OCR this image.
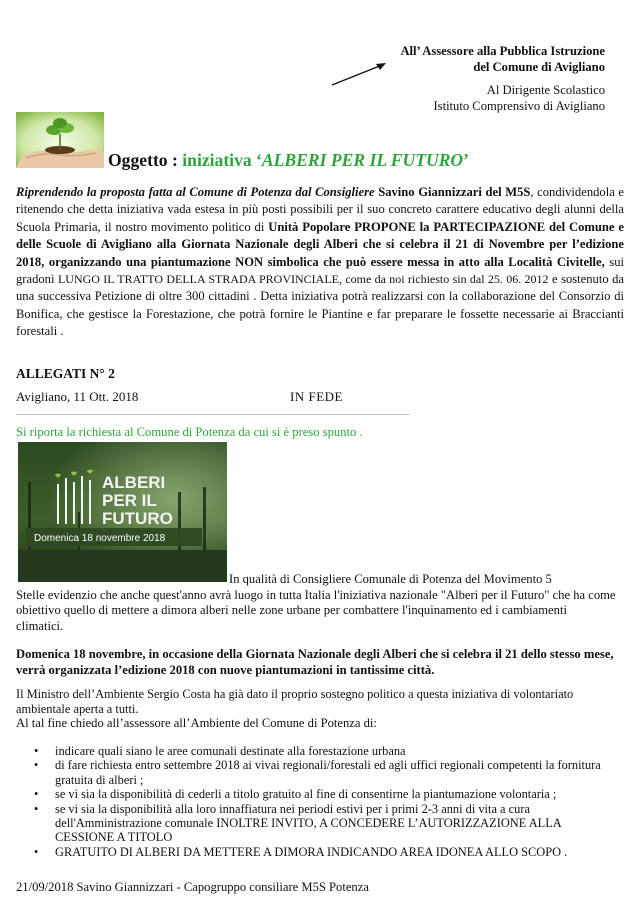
All’ Assessore alla Pubblica Istruzione
del Comune di Avigliano
Al Dirigente Scolastico
Istituto Comprensivo di Avigliano
Oggetto : iniziativa ‘ALBERI PER IL FUTURO’
Riprendendo la proposta fatta al Comune di Potenza dal Consigliere Savino Giannizzari del M5S, condividendola e ritenendo che detta iniziativa vada estesa in più posti possibili per il suo concreto carattere educativo degli alunni della Scuola Primaria, il nostro movimento politico di Unità Popolare PROPONE la PARTECIPAZIONE del Comune e delle Scuole di Avigliano alla Giornata Nazionale degli Alberi che si celebra il 21 di Novembre per l’edizione 2018, organizzando una piantumazione NON simbolica che può essere messa in atto alla Località Civitelle, sui gradoni LUNGO IL TRATTO DELLA STRADA PROVINCIALE, come da noi richiesto sin dal 25. 06. 2012 e sostenuto da una successiva Petizione di oltre 300 cittadini . Detta iniziativa potrà realizzarsi con la collaborazione del Consorzio di Bonifica, che gestisce la Forestazione, che potrà fornire le Piantine e far preparare le fossette necessarie ai Braccianti forestali .
ALLEGATI N° 2
Avigliano, 11 Ott. 2018	IN FEDE
Si riporta la richiesta al Comune di Potenza da cui si è preso spunto .
ALBERI
PER IL
FUTURO
Domenica 18 novembre 2018
In qualità di Consigliere Comunale di Potenza del Movimento 5
Stelle evidenzio che anche quest'anno avrà luogo in tutta Italia l'iniziativa nazionale "Alberi per il Futuro" che ha come obiettivo quello di mettere a dimora alberi nelle zone urbane per combattere l'inquinamento ed i cambiamenti climatici.
Domenica 18 novembre, in occasione della Giornata Nazionale degli Alberi che si celebra il 21 dello stesso mese, verrà organizzata l’edizione 2018 con nuove piantumazioni in tantissime città.
Il Ministro dell’Ambiente Sergio Costa ha già dato il proprio sostegno politico a questa iniziativa di volontariato ambientale aperta a tutti.
Al tal fine chiedo all’assessore all’Ambiente del Comune di Potenza di:
• indicare quali siano le aree comunali destinate alla forestazione urbana
• di fare richiesta entro settembre 2018 ai vivai regionali/forestali ed agli uffici regionali competenti la fornitura gratuita di alberi ;
• se vi sia la disponibilità di cederli a titolo gratuito al fine di consentirne la piantumazione volontaria ;
• se vi sia la disponibilità alla loro innaffiatura nei periodi estivi per i primi 2-3 anni di vita a cura dell'Amministrazione comunale INOLTRE INVITO, A CONCEDERE L’AUTORIZZAZIONE ALLA CESSIONE A TITOLO
• GRATUITO DI ALBERI DA METTERE A DIMORA INDICANDO AREA IDONEA ALLO SCOPO .
21/09/2018 Savino Giannizzari - Capogruppo consiliare M5S Potenza
